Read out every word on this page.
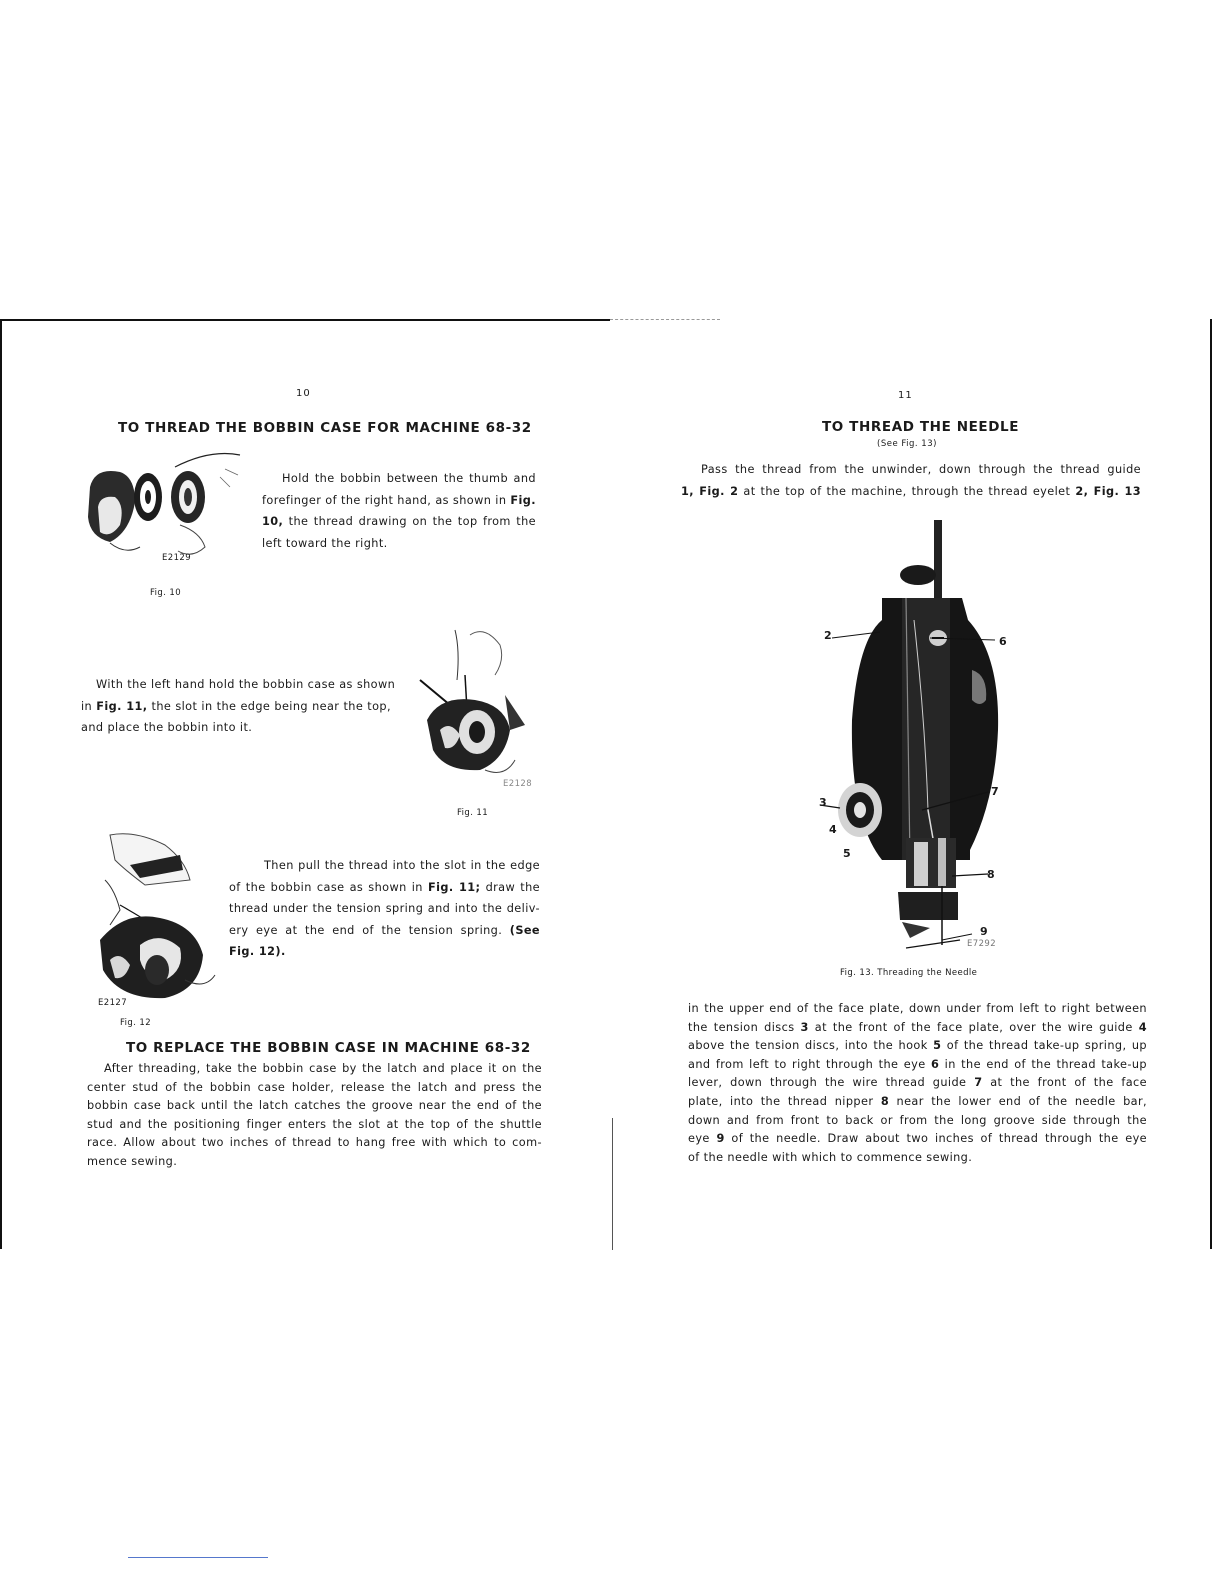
10
TO THREAD THE BOBBIN CASE FOR MACHINE 68-32
E2129
Fig. 10
Hold the bobbin between the thumb and
forefinger of the right hand, as shown in Fig.
10, the thread drawing on the top from the
left toward the right.
With the left hand hold the bobbin case as shown
in Fig. 11, the slot in the edge being near the top,
and place the bobbin into it.
E2128
Fig. 11
E2127
Fig. 12
Then pull the thread into the slot in the edge
of the bobbin case as shown in Fig. 11; draw the
thread under the tension spring and into the deliv-
ery eye at the end of the tension spring. (See
Fig. 12).
TO REPLACE THE BOBBIN CASE IN MACHINE 68-32
After threading, take the bobbin case by the latch and place it on the
center stud of the bobbin case holder, release the latch and press the
bobbin case back until the latch catches the groove near the end of the
stud and the positioning finger enters the slot at the top of the shuttle
race. Allow about two inches of thread to hang free with which to com-
mence sewing.
11
TO THREAD THE NEEDLE
(See Fig. 13)
Pass the thread from the unwinder, down through the thread guide
1, Fig. 2 at the top of the machine, through the thread eyelet 2, Fig. 13
2	6
3
7
4
5
8
9
E7292
Fig. 13. Threading the Needle
in the upper end of the face plate, down under from left to right between
the tension discs 3 at the front of the face plate, over the wire guide 4
above the tension discs, into the hook 5 of the thread take-up spring, up
and from left to right through the eye 6 in the end of the thread take-up
lever, down through the wire thread guide 7 at the front of the face
plate, into the thread nipper 8 near the lower end of the needle bar,
down and from front to back or from the long groove side through the
eye 9 of the needle. Draw about two inches of thread through the eye
of the needle with which to commence sewing.
